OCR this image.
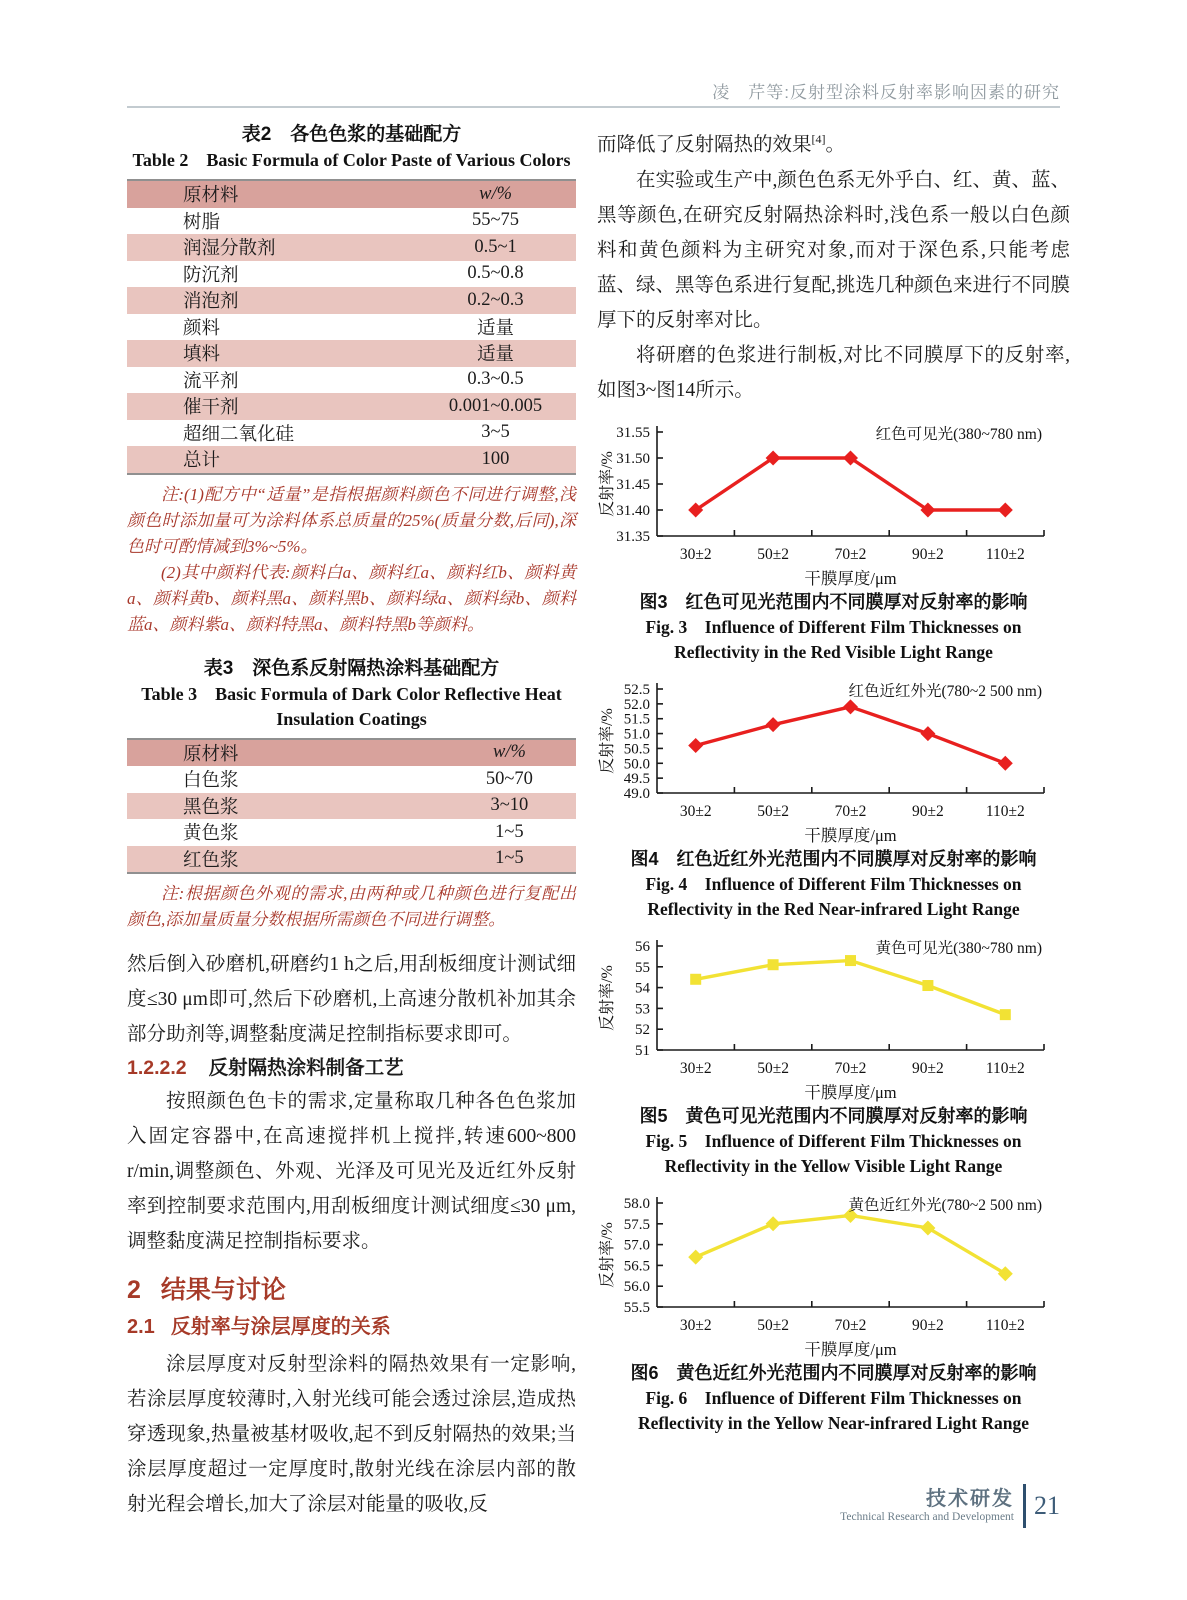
凌　芹等:反射型涂料反射率影响因素的研究
表2　各色色浆的基础配方
Table 2　Basic Formula of Color Paste of Various Colors
原材料	w/%
树脂	55~75
润湿分散剂	0.5~1
防沉剂	0.5~0.8
消泡剂	0.2~0.3
颜料	适量
填料	适量
流平剂	0.3~0.5
催干剂	0.001~0.005
超细二氧化硅	3~5
总计	100
注:(1)配方中“适量”是指根据颜料颜色不同进行调整,浅颜色时添加量可为涂料体系总质量的25%(质量分数,后同),深色时可酌情减到3%~5%。
(2)其中颜料代表:颜料白a、颜料红a、颜料红b、颜料黄a、颜料黄b、颜料黑a、颜料黑b、颜料绿a、颜料绿b、颜料蓝a、颜料紫a、颜料特黑a、颜料特黑b等颜料。
表3　深色系反射隔热涂料基础配方
Table 3　Basic Formula of Dark Color Reflective Heat
Insulation Coatings
原材料	w/%
白色浆	50~70
黑色浆	3~10
黄色浆	1~5
红色浆	1~5
注:根据颜色外观的需求,由两种或几种颜色进行复配出颜色,添加量质量分数根据所需颜色不同进行调整。

然后倒入砂磨机,研磨约1 h之后,用刮板细度计测试细度≤30 μm即可,然后下砂磨机,上高速分散机补加其余部分助剂等,调整黏度满足控制指标要求即可。

1.2.2.2 反射隔热涂料制备工艺

按照颜色色卡的需求,定量称取几种各色色浆加入固定容器中,在高速搅拌机上搅拌,转速600~800 r/min,调整颜色、外观、光泽及可见光及近红外反射率到控制要求范围内,用刮板细度计测试细度≤30 μm,调整黏度满足控制指标要求。

2 结果与讨论
2.1 反射率与涂层厚度的关系

涂层厚度对反射型涂料的隔热效果有一定影响,若涂层厚度较薄时,入射光线可能会透过涂层,造成热穿透现象,热量被基材吸收,起不到反射隔热的效果;当涂层厚度超过一定厚度时,散射光线在涂层内部的散射光程会增长,加大了涂层对能量的吸收,反

而降低了反射隔热的效果[4]。

在实验或生产中,颜色色系无外乎白、红、黄、蓝、黑等颜色,在研究反射隔热涂料时,浅色系一般以白色颜料和黄色颜料为主研究对象,而对于深色系,只能考虑蓝、绿、黑等色系进行复配,挑选几种颜色来进行不同膜厚下的反射率对比。

将研磨的色浆进行制板,对比不同膜厚下的反射率,如图3~图14所示。

31.35
31.40
31.45
31.50
31.55
30±2	50±2	70±2	90±2	110±2
红色可见光(380~780 nm)
干膜厚度/μm
反射率/%
图3　红色可见光范围内不同膜厚对反射率的影响
Fig. 3　Influence of Different Film Thicknesses on
Reflectivity in the Red Visible Light Range
49.0
49.5
50.0
50.5
51.0
51.5
52.0
52.5
30±2	50±2	70±2	90±2	110±2
红色近红外光(780~2 500 nm)
干膜厚度/μm
反射率/%
图4　红色近红外光范围内不同膜厚对反射率的影响
Fig. 4　Influence of Different Film Thicknesses on
Reflectivity in the Red Near-infrared Light Range
51
52
53
54
55
56
30±2	50±2	70±2	90±2	110±2
黄色可见光(380~780 nm)
干膜厚度/μm
反射率/%
图5　黄色可见光范围内不同膜厚对反射率的影响
Fig. 5　Influence of Different Film Thicknesses on
Reflectivity in the Yellow Visible Light Range
55.5
56.0
56.5
57.0
57.5
58.0
30±2	50±2	70±2	90±2	110±2
黄色近红外光(780~2 500 nm)
干膜厚度/μm
反射率/%
图6　黄色近红外光范围内不同膜厚对反射率的影响
Fig. 6　Influence of Different Film Thicknesses on
Reflectivity in the Yellow Near-infrared Light Range
技术研发
Technical Research and Development 21
